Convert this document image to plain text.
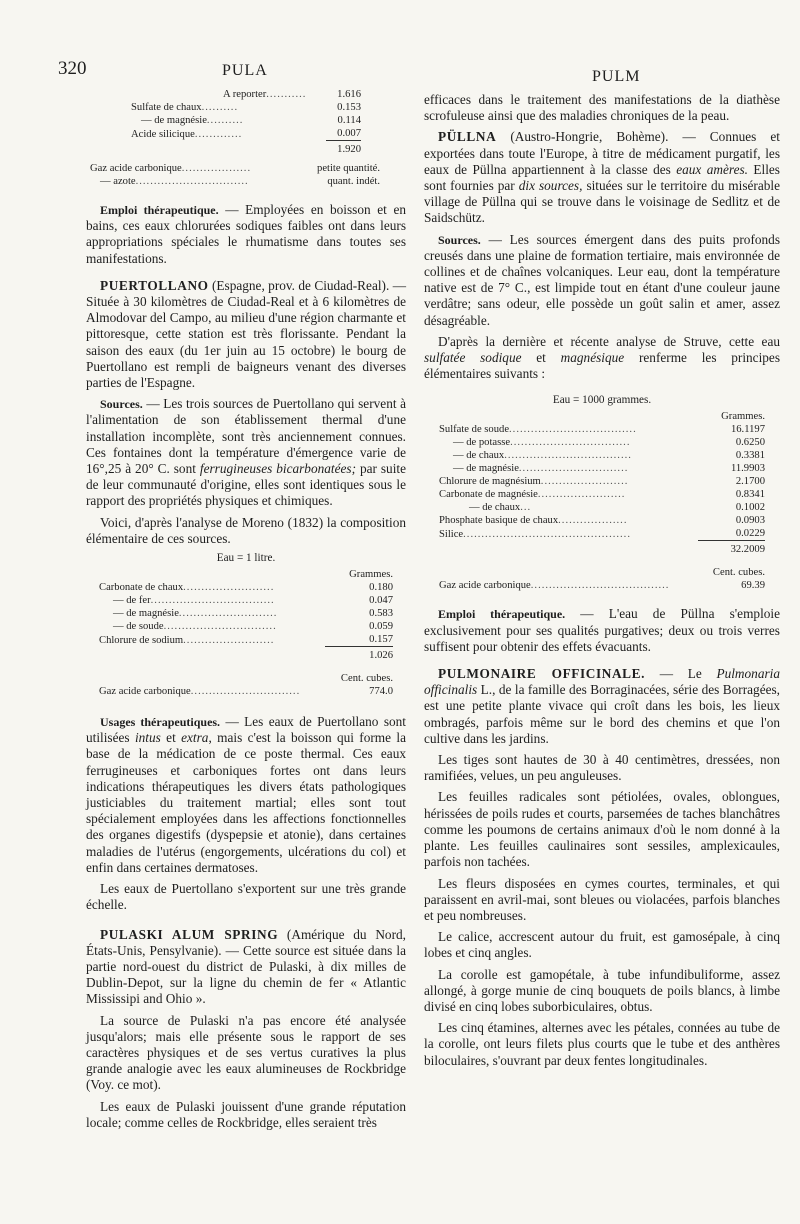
320	PULA	PULM
A reporter...........	1.616
Sulfate de chaux..........	0.153
— de magnésie..........	0.114
Acide silicique.............	0.007
	1.920
Gaz acide carbonique...................	petite quantité.
— azote...............................	quant. indét.

Emploi thérapeutique. — Employées en boisson et en bains, ces eaux chlorurées sodiques faibles ont dans leurs appropriations spéciales le rhumatisme dans toutes ses manifestations.

PUERTOLLANO (Espagne, prov. de Ciudad-Real). — Située à 30 kilomètres de Ciudad-Real et à 6 kilomètres de Almodovar del Campo, au milieu d'une région charmante et pittoresque, cette station est très florissante. Pendant la saison des eaux (du 1er juin au 15 octobre) le bourg de Puertollano est rempli de baigneurs venant des diverses parties de l'Espagne.

Sources. — Les trois sources de Puertollano qui servent à l'alimentation de son établissement thermal d'une installation incomplète, sont très anciennement connues. Ces fontaines dont la température d'émergence varie de 16°,25 à 20° C. sont ferrugineuses bicarbonatées; par suite de leur communauté d'origine, elles sont identiques sous le rapport des propriétés physiques et chimiques.

Voici, d'après l'analyse de Moreno (1832) la composition élémentaire de ces sources.

Eau = 1 litre.
	Grammes.
Carbonate de chaux.........................	0.180
— de fer..................................	0.047
— de magnésie...........................	0.583
— de soude...............................	0.059
Chlorure de sodium.........................	0.157
	1.026

	Cent. cubes.
Gaz acide carbonique..............................	774.0

Usages thérapeutiques. — Les eaux de Puertollano sont utilisées intus et extra, mais c'est la boisson qui forme la base de la médication de ce poste thermal. Ces eaux ferrugineuses et carboniques fortes ont dans leurs indications thérapeutiques les divers états pathologiques justiciables du traitement martial; elles sont tout spécialement employées dans les affections fonctionnelles des organes digestifs (dyspepsie et atonie), dans certaines maladies de l'utérus (engorgements, ulcérations du col) et enfin dans certaines dermatoses.

Les eaux de Puertollano s'exportent sur une très grande échelle.

PULASKI ALUM SPRING (Amérique du Nord, États-Unis, Pensylvanie). — Cette source est située dans la partie nord-ouest du district de Pulaski, à dix milles de Dublin-Depot, sur la ligne du chemin de fer « Atlantic Mississipi and Ohio ».

La source de Pulaski n'a pas encore été analysée jusqu'alors; mais elle présente sous le rapport de ses caractères physiques et de ses vertus curatives la plus grande analogie avec les eaux alumineuses de Rockbridge (Voy. ce mot).

Les eaux de Pulaski jouissent d'une grande réputation locale; comme celles de Rockbridge, elles seraient très

efficaces dans le traitement des manifestations de la diathèse scrofuleuse ainsi que des maladies chroniques de la peau.

PÜLLNA (Austro-Hongrie, Bohème). — Connues et exportées dans toute l'Europe, à titre de médicament purgatif, les eaux de Püllna appartiennent à la classe des eaux amères. Elles sont fournies par dix sources, situées sur le territoire du misérable village de Püllna qui se trouve dans le voisinage de Sedlitz et de Saidschütz.

Sources. — Les sources émergent dans des puits profonds creusés dans une plaine de formation tertiaire, mais environnée de collines et de chaînes volcaniques. Leur eau, dont la température native est de 7° C., est limpide tout en étant d'une couleur jaune verdâtre; sans odeur, elle possède un goût salin et amer, assez désagréable.

D'après la dernière et récente analyse de Struve, cette eau sulfatée sodique et magnésique renferme les principes élémentaires suivants :

Eau = 1000 grammes.
	Grammes.
Sulfate de soude...................................	16.1197
— de potasse.................................	0.6250
— de chaux...................................	0.3381
— de magnésie..............................	11.9903
Chlorure de magnésium........................	2.1700
Carbonate de magnésie........................	0.8341
— de chaux...	0.1002
Phosphate basique de chaux...................	0.0903
Silice..............................................	0.0229
	32.2009

	Cent. cubes.
Gaz acide carbonique......................................	69.39

Emploi thérapeutique. — L'eau de Püllna s'emploie exclusivement pour ses qualités purgatives; deux ou trois verres suffisent pour obtenir des effets évacuants.

PULMONAIRE OFFICINALE. — Le Pulmonaria officinalis L., de la famille des Borraginacées, série des Borragées, est une petite plante vivace qui croît dans les bois, les lieux ombragés, parfois même sur le bord des chemins et que l'on cultive dans les jardins.

Les tiges sont hautes de 30 à 40 centimètres, dressées, non ramifiées, velues, un peu anguleuses.

Les feuilles radicales sont pétiolées, ovales, oblongues, hérissées de poils rudes et courts, parsemées de taches blanchâtres comme les poumons de certains animaux d'où le nom donné à la plante. Les feuilles caulinaires sont sessiles, amplexicaules, parfois non tachées.

Les fleurs disposées en cymes courtes, terminales, et qui paraissent en avril-mai, sont bleues ou violacées, parfois blanches et peu nombreuses.

Le calice, accrescent autour du fruit, est gamosépale, à cinq lobes et cinq angles.

La corolle est gamopétale, à tube infundibuliforme, assez allongé, à gorge munie de cinq bouquets de poils blancs, à limbe divisé en cinq lobes suborbiculaires, obtus.

Les cinq étamines, alternes avec les pétales, connées au tube de la corolle, ont leurs filets plus courts que le tube et des anthères biloculaires, s'ouvrant par deux fentes longitudinales.
